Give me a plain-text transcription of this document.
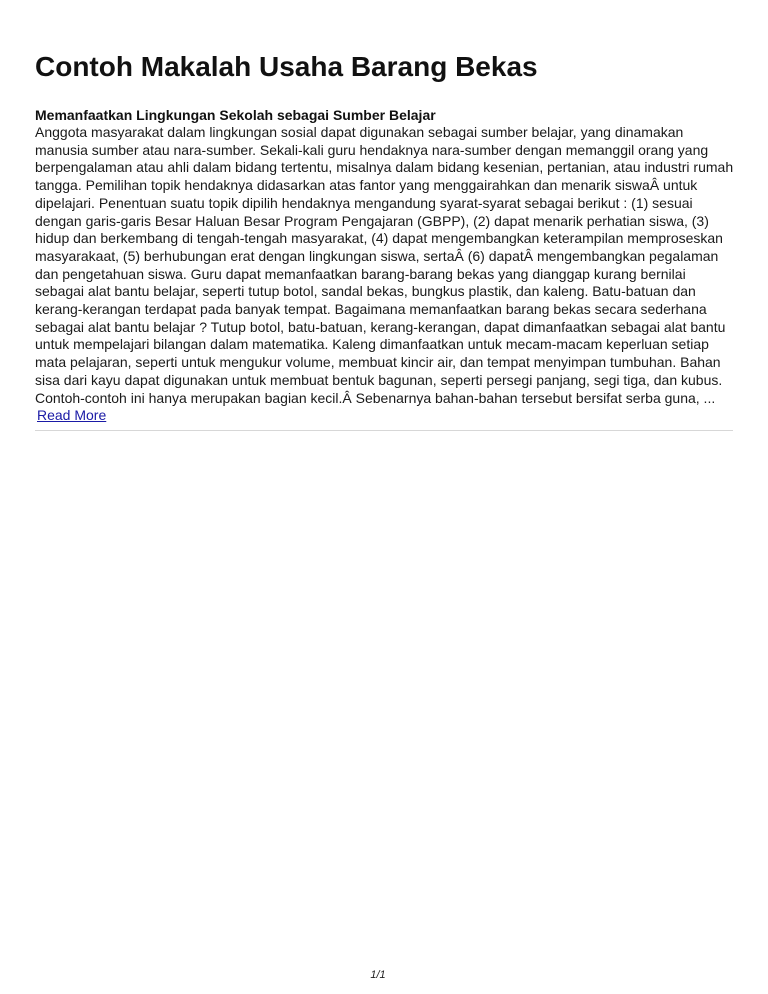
Contoh Makalah Usaha Barang Bekas
Memanfaatkan Lingkungan Sekolah sebagai Sumber Belajar

Anggota masyarakat dalam lingkungan sosial dapat digunakan sebagai sumber belajar, yang dinamakan
manusia sumber atau nara-sumber. Sekali-kali guru hendaknya nara-sumber dengan memanggil orang yang
berpengalaman atau ahli dalam bidang tertentu, misalnya dalam bidang kesenian, pertanian, atau industri rumah
tangga. Pemilihan topik hendaknya didasarkan atas fantor yang menggairahkan dan menarik siswaÂ untuk
dipelajari. Penentuan suatu topik dipilih hendaknya mengandung syarat-syarat sebagai berikut : (1) sesuai
dengan garis-garis Besar Haluan Besar Program Pengajaran (GBPP), (2) dapat menarik perhatian siswa, (3)
hidup dan berkembang di tengah-tengah masyarakat, (4) dapat mengembangkan keterampilan memproseskan
masyarakaat, (5) berhubungan erat dengan lingkungan siswa, sertaÂ (6) dapatÂ mengembangkan pegalaman
dan pengetahuan siswa. Guru dapat memanfaatkan barang-barang bekas yang dianggap kurang bernilai
sebagai alat bantu belajar, seperti tutup botol, sandal bekas, bungkus plastik, dan kaleng. Batu-batuan dan
kerang-kerangan terdapat pada banyak tempat. Bagaimana memanfaatkan barang bekas secara sederhana
sebagai alat bantu belajar ? Tutup botol, batu-batuan, kerang-kerangan, dapat dimanfaatkan sebagai alat bantu
untuk mempelajari bilangan dalam matematika. Kaleng dimanfaatkan untuk mecam-macam keperluan setiap
mata pelajaran, seperti untuk mengukur volume, membuat kincir air, dan tempat menyimpan tumbuhan. Bahan
sisa dari kayu dapat digunakan untuk membuat bentuk bagunan, seperti persegi panjang, segi tiga, dan kubus.
Contoh-contoh ini hanya merupakan bagian kecil.Â Sebenarnya bahan-bahan tersebut bersifat serba guna, ...

Read More
1/1
